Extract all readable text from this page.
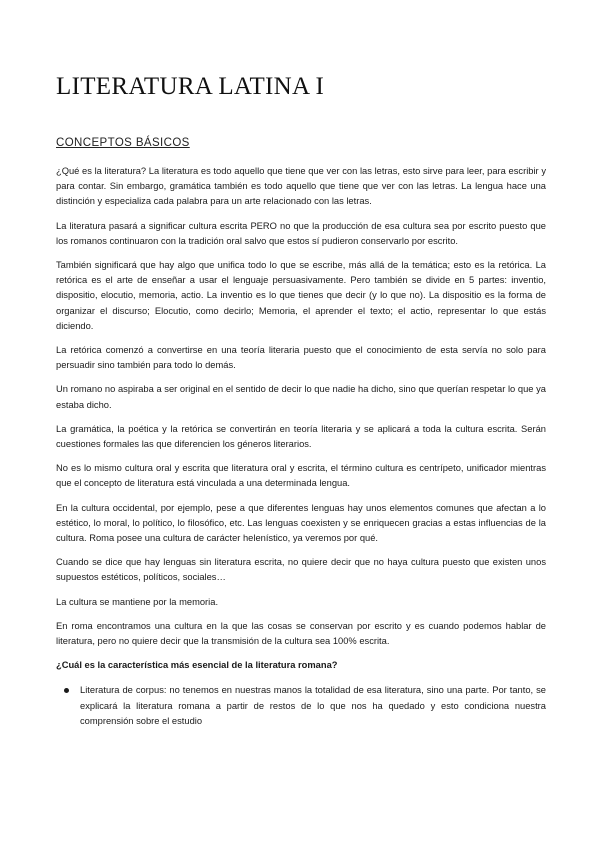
LITERATURA LATINA I
CONCEPTOS BÁSICOS

¿Qué es la literatura? La literatura es todo aquello que tiene que ver con las letras, esto sirve para leer, para escribir y para contar. Sin embargo, gramática también es todo aquello que tiene que ver con las letras. La lengua hace una distinción y especializa cada palabra para un arte relacionado con las letras.

La literatura pasará a significar cultura escrita PERO no que la producción de esa cultura sea por escrito puesto que los romanos continuaron con la tradición oral salvo que estos sí pudieron conservarlo por escrito.

También significará que hay algo que unifica todo lo que se escribe, más allá de la temática; esto es la retórica. La retórica es el arte de enseñar a usar el lenguaje persuasivamente. Pero también se divide en 5 partes: inventio, dispositio, elocutio, memoria, actio. La inventio es lo que tienes que decir (y lo que no). La dispositio es la forma de organizar el discurso; Elocutio, como decirlo; Memoria, el aprender el texto; el actio, representar lo que estás diciendo.

La retórica comenzó a convertirse en una teoría literaria puesto que el conocimiento de esta servía no solo para persuadir sino también para todo lo demás.

Un romano no aspiraba a ser original en el sentido de decir lo que nadie ha dicho, sino que querían respetar lo que ya estaba dicho.

La gramática, la poética y la retórica se convertirán en teoría literaria y se aplicará a toda la cultura escrita. Serán cuestiones formales las que diferencien los géneros literarios.

No es lo mismo cultura oral y escrita que literatura oral y escrita, el término cultura es centrípeto, unificador mientras que el concepto de literatura está vinculada a una determinada lengua.

En la cultura occidental, por ejemplo, pese a que diferentes lenguas hay unos elementos comunes que afectan a lo estético, lo moral, lo político, lo filosófico, etc. Las lenguas coexisten y se enriquecen gracias a estas influencias de la cultura. Roma posee una cultura de carácter helenístico, ya veremos por qué.

Cuando se dice que hay lenguas sin literatura escrita, no quiere decir que no haya cultura puesto que existen unos supuestos estéticos, políticos, sociales…

La cultura se mantiene por la memoria.

En roma encontramos una cultura en la que las cosas se conservan por escrito y es cuando podemos hablar de literatura, pero no quiere decir que la transmisión de la cultura sea 100% escrita.

¿Cuál es la característica más esencial de la literatura romana?

Literatura de corpus: no tenemos en nuestras manos la totalidad de esa literatura, sino una parte. Por tanto, se explicará la literatura romana a partir de restos de lo que nos ha quedado y esto condiciona nuestra comprensión sobre el estudio
